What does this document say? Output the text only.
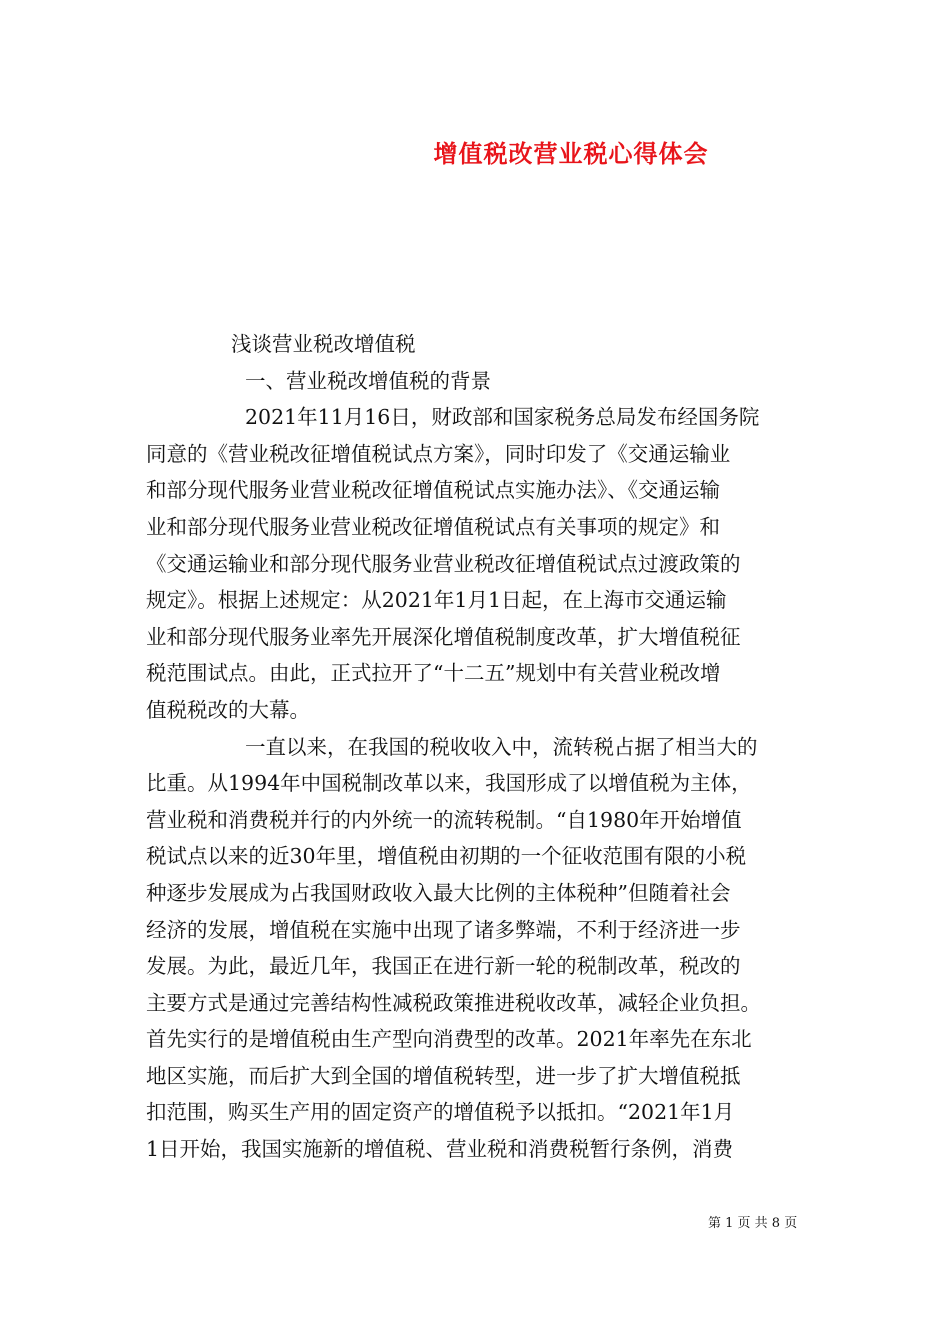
增值税改营业税心得体会
浅谈营业税改增值税
一、营业税改增值税的背景
2021年11月16日，财政部和国家税务总局发布经国务院
同意的《营业税改征增值税试点方案》，同时印发了《交通运输业
和部分现代服务业营业税改征增值税试点实施办法》、《交通运输
业和部分现代服务业营业税改征增值税试点有关事项的规定》和
《交通运输业和部分现代服务业营业税改征增值税试点过渡政策的
规定》。根据上述规定：从2021年1月1日起，在上海市交通运输
业和部分现代服务业率先开展深化增值税制度改革，扩大增值税征
税范围试点。由此，正式拉开了“十二五”规划中有关营业税改增
值税税改的大幕。
一直以来，在我国的税收收入中，流转税占据了相当大的
比重。从1994年中国税制改革以来，我国形成了以增值税为主体，
营业税和消费税并行的内外统一的流转税制。“自1980年开始增值
税试点以来的近30年里，增值税由初期的一个征收范围有限的小税
种逐步发展成为占我国财政收入最大比例的主体税种”但随着社会
经济的发展，增值税在实施中出现了诸多弊端，不利于经济进一步
发展。为此，最近几年，我国正在进行新一轮的税制改革，税改的
主要方式是通过完善结构性减税政策推进税收改革，减轻企业负担。
首先实行的是增值税由生产型向消费型的改革。2021年率先在东北
地区实施，而后扩大到全国的增值税转型，进一步了扩大增值税抵
扣范围，购买生产用的固定资产的增值税予以抵扣。“2021年1月
1日开始，我国实施新的增值税、营业税和消费税暂行条例，消费
第 1 页 共 8 页
